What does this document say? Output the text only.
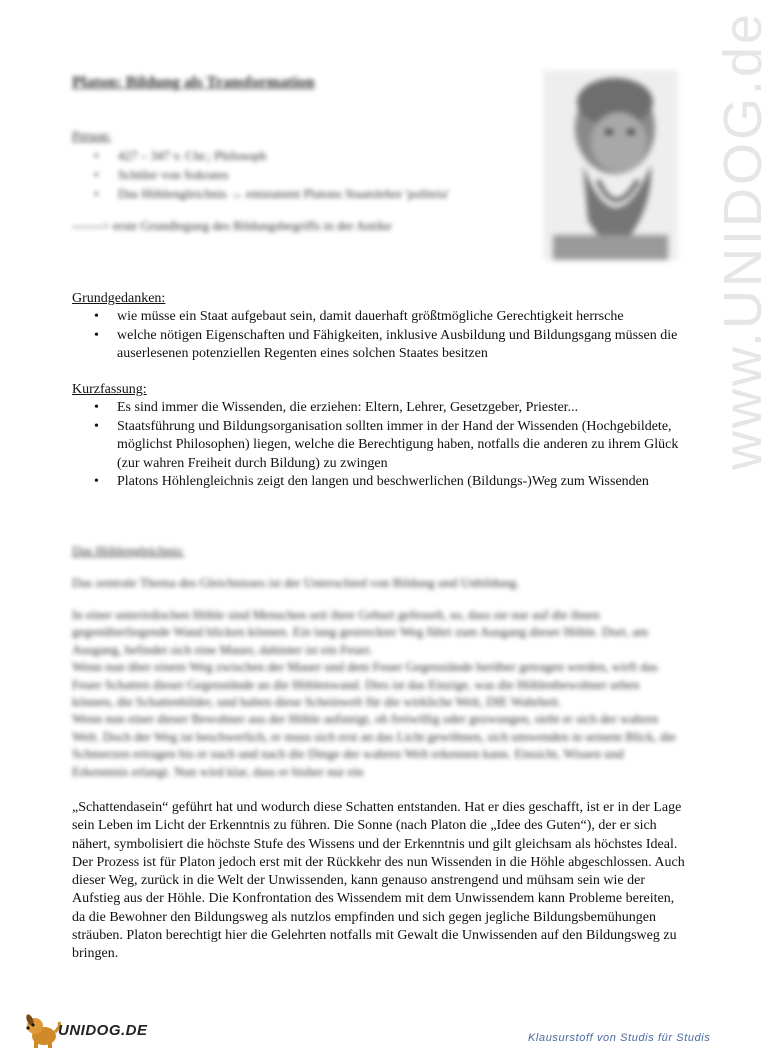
Platon: Bildung als Transformation
Person:
• 427 – 347 v. Chr.; Philosoph
• Schüler von Sokrates
• Das Höhlengleichnis → entstammt Platons Staatslehre 'politeia'
-------> erste Grundlegung des Bildungsbegriffs in der Antike
Grundgedanken:
• wie müsse ein Staat aufgebaut sein, damit dauerhaft größtmögliche Gerechtigkeit herrsche
• welche nötigen Eigenschaften und Fähigkeiten, inklusive Ausbildung und Bildungsgang müssen die auserlesenen potenziellen Regenten eines solchen Staates besitzen
Kurzfassung:
• Es sind immer die Wissenden, die erziehen: Eltern, Lehrer, Gesetzgeber, Priester...
• Staatsführung und Bildungsorganisation sollten immer in der Hand der Wissenden (Hochgebildete, möglichst Philosophen) liegen, welche die Berechtigung haben, notfalls die anderen zu ihrem Glück (zur wahren Freiheit durch Bildung) zu zwingen
• Platons Höhlengleichnis zeigt den langen und beschwerlichen (Bildungs-)Weg zum Wissenden
Das Höhlengleichnis:
Das zentrale Thema des Gleichnisses ist der Unterschied von Bildung und Unbildung.

In einer unterirdischen Höhle sind Menschen seit ihrer Geburt gefesselt, so, dass sie nur auf die ihnen gegenüberliegende Wand blicken können. Ein lang gestreckter Weg führt zum Ausgang dieser Höhle. Dort, am Ausgang, befindet sich eine Mauer, dahinter ist ein Feuer.

Wenn nun über einem Weg zwischen der Mauer und dem Feuer Gegenstände herüber getragen werden, wirft das Feuer Schatten dieser Gegenstände an die Höhlenwand. Dies ist das Einzige, was die Höhlenbewohner sehen können, die Schattenbilder, und halten diese Scheinwelt für die wirkliche Welt, DIE Wahrheit.

Wenn nun einer dieser Bewohner aus der Höhle aufsteigt, ob freiwillig oder gezwungen, sieht er sich der wahren Welt. Doch der Weg ist beschwerlich, er muss sich erst an das Licht gewöhnen, sich umwenden in seinem Blick, die Schmerzen ertragen bis er nach und nach die Dinge der wahren Welt erkennen kann. Einsicht, Wissen und Erkenntnis erlangt. Nun wird klar, dass er bisher nur ein

„Schattendasein“ geführt hat und wodurch diese Schatten entstanden. Hat er dies geschafft, ist er in der Lage sein Leben im Licht der Erkenntnis zu führen. Die Sonne (nach Platon die „Idee des Guten“), der er sich nähert, symbolisiert die höchste Stufe des Wissens und der Erkenntnis und gilt gleichsam als höchstes Ideal.

Der Prozess ist für Platon jedoch erst mit der Rückkehr des nun Wissenden in die Höhle abgeschlossen. Auch dieser Weg, zurück in die Welt der Unwissenden, kann genauso anstrengend und mühsam sein wie der Aufstieg aus der Höhle. Die Konfrontation des Wissendem mit dem Unwissendem kann Probleme bereiten, da die Bewohner den Bildungsweg als nutzlos empfinden und sich gegen jegliche Bildungsbemühungen sträuben. Platon berechtigt hier die Gelehrten notfalls mit Gewalt die Unwissenden auf den Bildungsweg zu bringen.

www.UNIDOG.de
UNIDOG.DE	Klausurstoff von Studis für Studis
